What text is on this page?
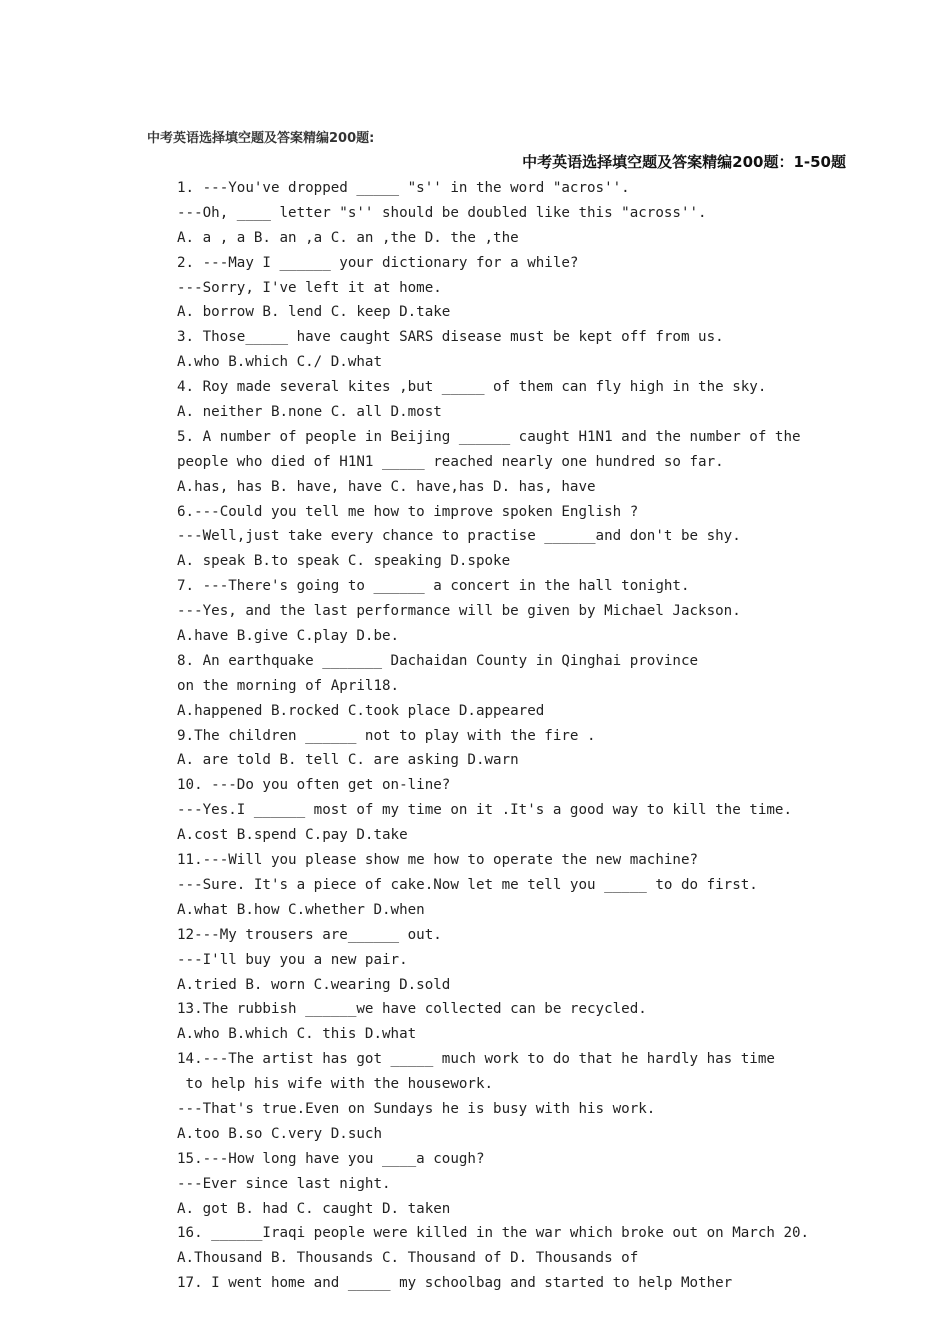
中考英语选择填空题及答案精编200题:
中考英语选择填空题及答案精编200题：1-50题
1. ---You've dropped _____ "s'' in the word "acros''.
---Oh, ____ letter "s'' should be doubled like this "across''.
A. a , a B. an ,a C. an ,the D. the ,the
2. ---May I ______ your dictionary for a while?
---Sorry, I've left it at home.
A. borrow B. lend C. keep D.take
3. Those_____ have caught SARS disease must be kept off from us.
A.who B.which C./ D.what
4. Roy made several kites ,but _____ of them can fly high in the sky.
A. neither B.none C. all D.most
5. A number of people in Beijing ______ caught H1N1 and the number of the
people who died of H1N1 _____ reached nearly one hundred so far.
A.has, has B. have, have C. have,has D. has, have
6.---Could you tell me how to improve spoken English ?
---Well,just take every chance to practise ______and don't be shy.
A. speak B.to speak C. speaking D.spoke
7. ---There's going to ______ a concert in the hall tonight.
---Yes, and the last performance will be given by Michael Jackson.
A.have B.give C.play D.be.
8. An earthquake _______ Dachaidan County in Qinghai province
on the morning of April18.
A.happened B.rocked C.took place D.appeared
9.The children ______ not to play with the fire .
A. are told B. tell C. are asking D.warn
10. ---Do you often get on-line?
---Yes.I ______ most of my time on it .It's a good way to kill the time.
A.cost B.spend C.pay D.take
11.---Will you please show me how to operate the new machine?
---Sure. It's a piece of cake.Now let me tell you _____ to do first.
A.what B.how C.whether D.when
12---My trousers are______ out.
---I'll buy you a new pair.
A.tried B. worn C.wearing D.sold
13.The rubbish ______we have collected can be recycled.
A.who B.which C. this D.what
14.---The artist has got _____ much work to do that he hardly has time
to help his wife with the housework.
---That's true.Even on Sundays he is busy with his work.
A.too B.so C.very D.such
15.---How long have you ____a cough?
---Ever since last night.
A. got B. had C. caught D. taken
16. ______Iraqi people were killed in the war which broke out on March 20.
A.Thousand B. Thousands C. Thousand of D. Thousands of
17. I went home and _____ my schoolbag and started to help Mother
